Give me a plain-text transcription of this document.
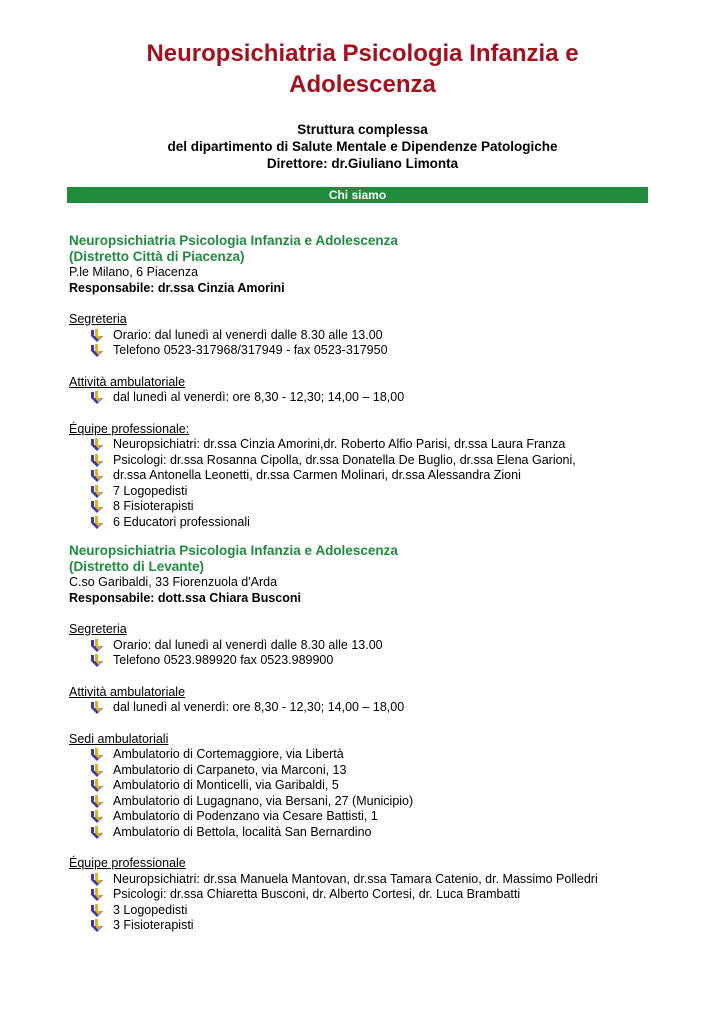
Neuropsichiatria Psicologia Infanzia e
Adolescenza
Struttura complessa
del dipartimento di Salute Mentale e Dipendenze Patologiche
Direttore: dr.Giuliano Limonta
Chi siamo
Neuropsichiatria Psicologia Infanzia e Adolescenza
(Distretto Città di Piacenza)
P.le Milano, 6 Piacenza
Responsabile: dr.ssa Cinzia Amorini
Segreteria
Orario: dal lunedì al venerdì dalle 8.30 alle 13.00
Telefono 0523-317968/317949 - fax 0523-317950
Attività ambulatoriale
dal lunedì al venerdì: ore 8,30 - 12,30; 14,00 – 18,00
Équipe professionale:
Neuropsichiatri: dr.ssa Cinzia Amorini,dr. Roberto Alfio Parisi, dr.ssa Laura Franza
Psicologi: dr.ssa Rosanna Cipolla, dr.ssa Donatella De Buglio, dr.ssa Elena Garioni,
dr.ssa Antonella Leonetti, dr.ssa Carmen Molinari, dr.ssa Alessandra Zioni
7 Logopedisti
8 Fisioterapisti
6 Educatori professionali
Neuropsichiatria Psicologia Infanzia e Adolescenza
(Distretto di Levante)
C.so Garibaldi, 33 Fiorenzuola d'Arda
Responsabile: dott.ssa Chiara Busconi
Segreteria
Orario: dal lunedì al venerdì dalle 8.30 alle 13.00
Telefono 0523.989920 fax 0523.989900
Attività ambulatoriale
dal lunedì al venerdì: ore 8,30 - 12,30; 14,00 – 18,00
Sedi ambulatoriali
Ambulatorio di Cortemaggiore, via Libertà
Ambulatorio di Carpaneto, via Marconi, 13
Ambulatorio di Monticelli, via Garibaldi, 5
Ambulatorio di Lugagnano, via Bersani, 27 (Municipio)
Ambulatorio di Podenzano via Cesare Battisti, 1
Ambulatorio di Bettola, località San Bernardino
Équipe professionale
Neuropsichiatri: dr.ssa Manuela Mantovan, dr.ssa Tamara Catenio, dr. Massimo Polledri
Psicologi: dr.ssa Chiaretta Busconi, dr. Alberto Cortesi, dr. Luca Brambatti
3 Logopedisti
3 Fisioterapisti
